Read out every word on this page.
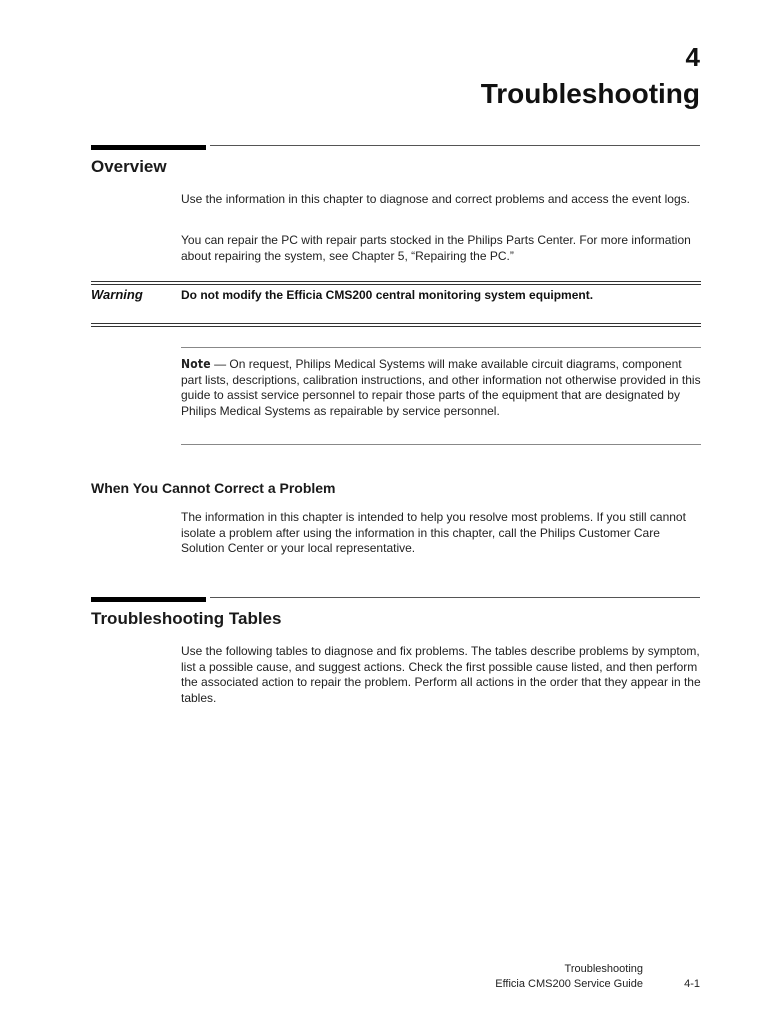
4
Troubleshooting
Overview
Use the information in this chapter to diagnose and correct problems and access the event logs.
You can repair the PC with repair parts stocked in the Philips Parts Center. For more information about repairing the system, see Chapter 5, “Repairing the PC.”
Warning	Do not modify the Efficia CMS200 central monitoring system equipment.
Note — On request, Philips Medical Systems will make available circuit diagrams, component part lists, descriptions, calibration instructions, and other information not otherwise provided in this guide to assist service personnel to repair those parts of the equipment that are designated by Philips Medical Systems as repairable by service personnel.
When You Cannot Correct a Problem
The information in this chapter is intended to help you resolve most problems. If you still cannot isolate a problem after using the information in this chapter, call the Philips Customer Care Solution Center or your local representative.
Troubleshooting Tables
Use the following tables to diagnose and fix problems. The tables describe problems by symptom, list a possible cause, and suggest actions. Check the first possible cause listed, and then perform the associated action to repair the problem. Perform all actions in the order that they appear in the tables.
Troubleshooting
Efficia CMS200 Service Guide	4-1
